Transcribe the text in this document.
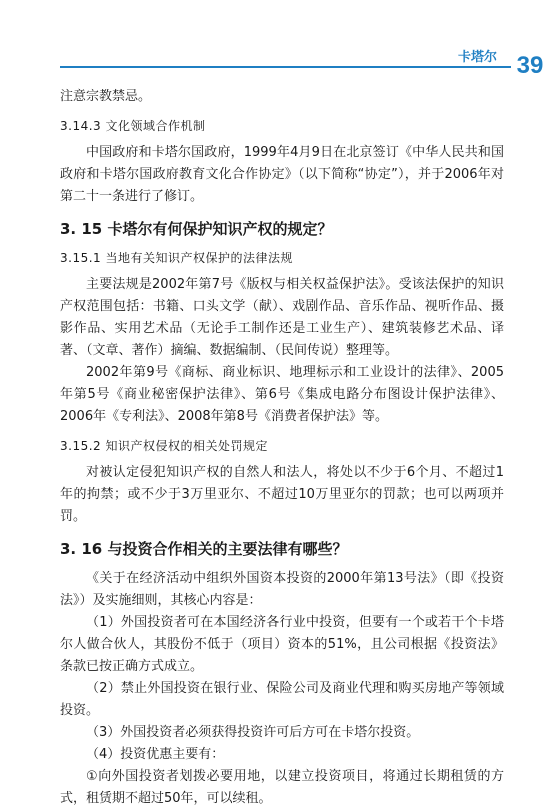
卡塔尔 39

注意宗教禁忌。

3.14.3 文化领域合作机制

中国政府和卡塔尔国政府，1999年4月9日在北京签订《中华人民共和国政府和卡塔尔国政府教育文化合作协定》（以下简称“协定”），并于2006年对第二十一条进行了修订。

3. 15 卡塔尔有何保护知识产权的规定？
3.15.1 当地有关知识产权保护的法律法规

主要法规是2002年第7号《版权与相关权益保护法》。受该法保护的知识产权范围包括：书籍、口头文学（献）、戏剧作品、音乐作品、视听作品、摄影作品、实用艺术品（无论手工制作还是工业生产）、建筑装修艺术品、译著、（文章、著作）摘编、数据编制、（民间传说）整理等。

2002年第9号《商标、商业标识、地理标示和工业设计的法律》、2005年第5号《商业秘密保护法律》、第6号《集成电路分布图设计保护法律》、2006年《专利法》、2008年第8号《消费者保护法》等。

3.15.2 知识产权侵权的相关处罚规定

对被认定侵犯知识产权的自然人和法人，将处以不少于6个月、不超过1年的拘禁；或不少于3万里亚尔、不超过10万里亚尔的罚款；也可以两项并罚。

3. 16 与投资合作相关的主要法律有哪些？

《关于在经济活动中组织外国资本投资的2000年第13号法》（即《投资法》）及实施细则，其核心内容是：

（1）外国投资者可在本国经济各行业中投资，但要有一个或若干个卡塔尔人做合伙人，其股份不低于（项目）资本的51%，且公司根据《投资法》条款已按正确方式成立。

（2）禁止外国投资在银行业、保险公司及商业代理和购买房地产等领域投资。

（3）外国投资者必须获得投资许可后方可在卡塔尔投资。

（4）投资优惠主要有：

①向外国投资者划拨必要用地，以建立投资项目，将通过长期租赁的方式，租赁期不超过50年，可以续租。
